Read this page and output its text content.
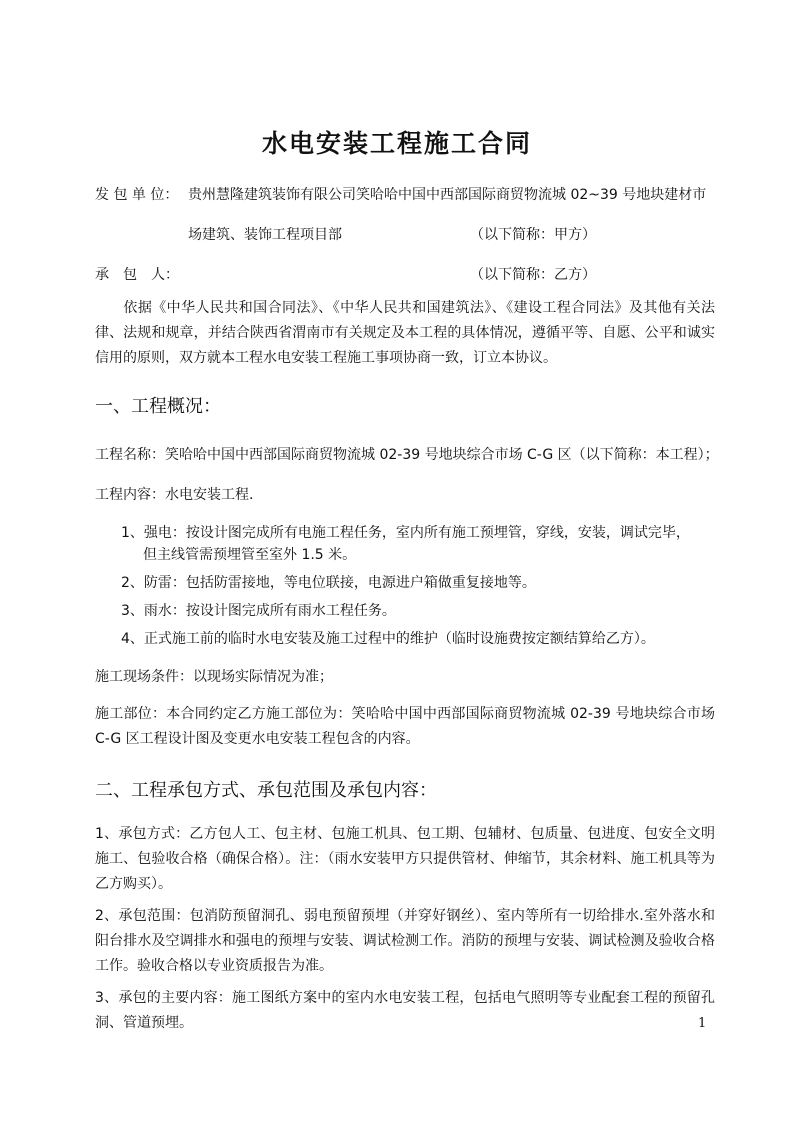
水电安装工程施工合同
发 包 单 位： 贵州慧隆建筑装饰有限公司笑哈哈中国中西部国际商贸物流城 02~39 号地块建材市
场建筑、装饰工程项目部	（以下简称：甲方）
承　包　人：	（以下简称：乙方）
依据《中华人民共和国合同法》、《中华人民共和国建筑法》、《建设工程合同法》及其他有关法律、法规和规章，并结合陕西省渭南市有关规定及本工程的具体情况，遵循平等、自愿、公平和诚实信用的原则，双方就本工程水电安装工程施工事项协商一致，订立本协议。
一、工程概况：
工程名称：笑哈哈中国中西部国际商贸物流城 02-39 号地块综合市场 C-G 区（以下简称：本工程）；
工程内容：水电安装工程.
1、强电：按设计图完成所有电施工程任务，室内所有施工预埋管，穿线，安装，调试完毕，
但主线管需预埋管至室外 1.5 米。
2、防雷：包括防雷接地，等电位联接，电源进户箱做重复接地等。
3、雨水：按设计图完成所有雨水工程任务。
4、正式施工前的临时水电安装及施工过程中的维护（临时设施费按定额结算给乙方）。
施工现场条件：以现场实际情况为准；
施工部位：本合同约定乙方施工部位为：笑哈哈中国中西部国际商贸物流城 02-39 号地块综合市场 C-G 区工程设计图及变更水电安装工程包含的内容。
二、工程承包方式、承包范围及承包内容：
1、承包方式：乙方包人工、包主材、包施工机具、包工期、包辅材、包质量、包进度、包安全文明施工、包验收合格（确保合格）。注：（雨水安装甲方只提供管材、伸缩节，其余材料、施工机具等为乙方购买）。
2、承包范围：包消防预留洞孔、弱电预留预埋（并穿好钢丝）、室内等所有一切给排水.室外落水和阳台排水及空调排水和强电的预埋与安装、调试检测工作。消防的预埋与安装、调试检测及验收合格工作。验收合格以专业资质报告为准。
3、承包的主要内容：施工图纸方案中的室内水电安装工程，包括电气照明等专业配套工程的预留孔洞、管道预埋。	1
